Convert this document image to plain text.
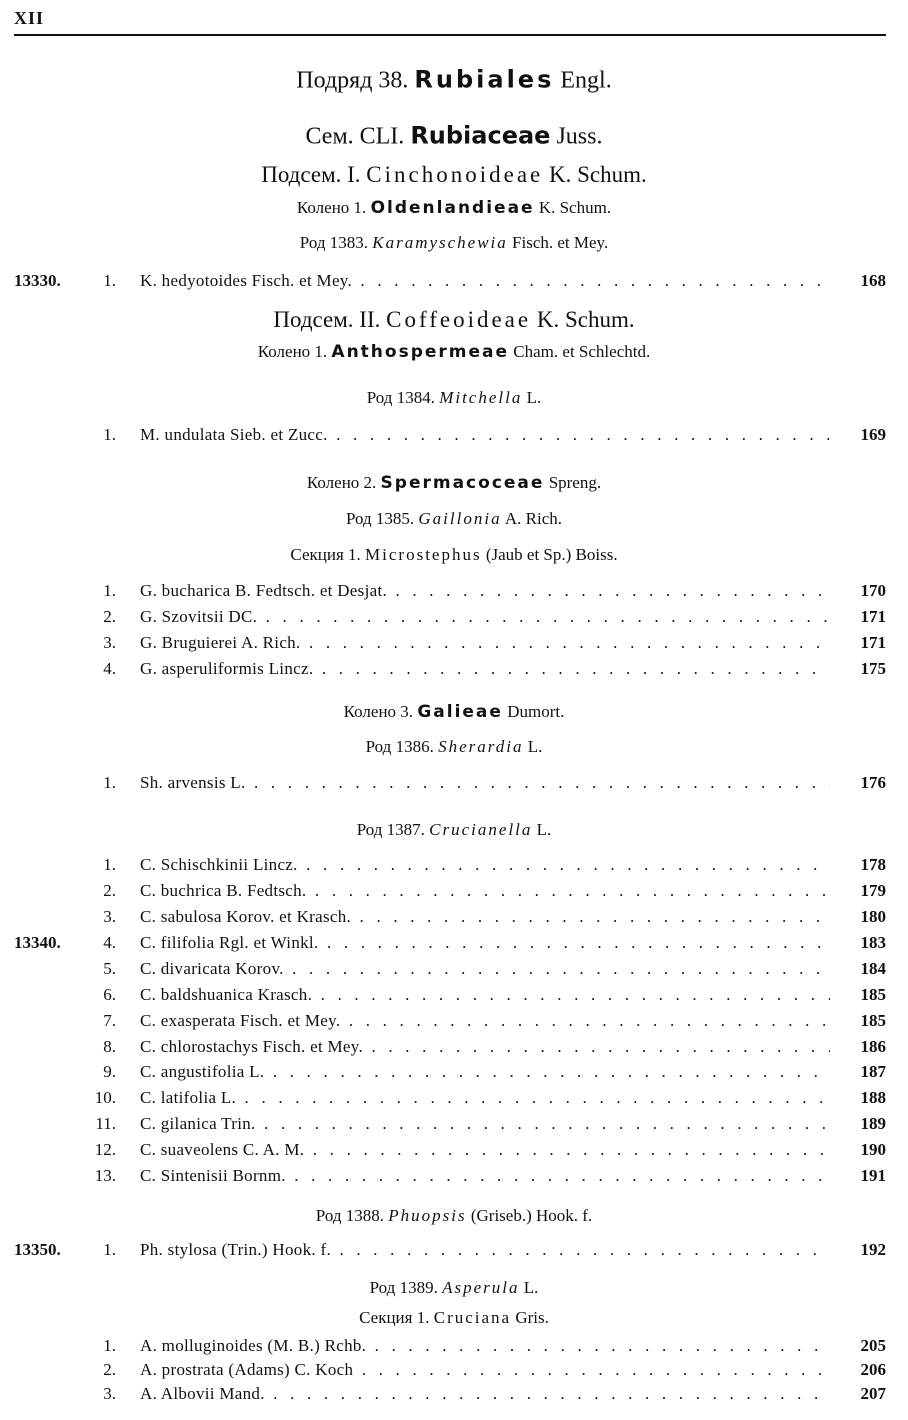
XII
Подряд 38. Rubiales Engl.
Сем. CLI. Rubiaceae Juss.
Подсем. I. Cinchonoideae K. Schum.
Колено 1. Oldenlandieae K. Schum.
Род 1383. Karamyschewia Fisch. et Mey.
13330.	1. K. hedyotoides Fisch. et Mey. . . .	168
Подсем. II. Coffeoideae K. Schum.
Колено 1. Anthospermeae Cham. et Schlechtd.
Род 1384. Mitchella L.
1. M. undulata Sieb. et Zucc. . . .	169
Колено 2. Spermacoceae Spreng.
Род 1385. Gaillonia A. Rich.
Секция 1. Microstephus (Jaub et Sp.) Boiss.
1. G. bucharica B. Fedtsch. et Desjat. . . .	170
2. G. Szovitsii DC. . . .	171
3. G. Bruguierei A. Rich. . . .	171
4. G. asperuliformis Lincz. . . .	175
Колено 3. Galieae Dumort.
Род 1386. Sherardia L.
1. Sh. arvensis L. . . .	176
Род 1387. Crucianella L.
1. C. Schischkinii Lincz. . . .	178
2. C. buchrica B. Fedtsch. . . .	179
3. C. sabulosa Korov. et Krasch. . . .	180
13340.	4. C. filifolia Rgl. et Winkl. . . .	183
5. C. divaricata Korov. . . .	184
6. C. baldshuanica Krasch. . . .	185
7. C. exasperata Fisch. et Mey. . . .	185
8. C. chlorostachys Fisch. et Mey. . . .	186
9. C. angustifolia L. . . .	187
10. C. latifolia L. . . .	188
11. C. gilanica Trin. . . .	189
12. C. suaveolens C. A. M. . . .	190
13. C. Sintenisii Bornm. . . .	191
Род 1388. Phuopsis (Griseb.) Hook. f.
13350.	1. Ph. stylosa (Trin.) Hook. f. . . .	192
Род 1389. Asperula L.
Секция 1. Cruciana Gris.
1. A. molluginoides (M. B.) Rchb. . . .	205
2. A. prostrata (Adams) C. Koch . . .	206
3. A. Albovii Mand. . . .	207
